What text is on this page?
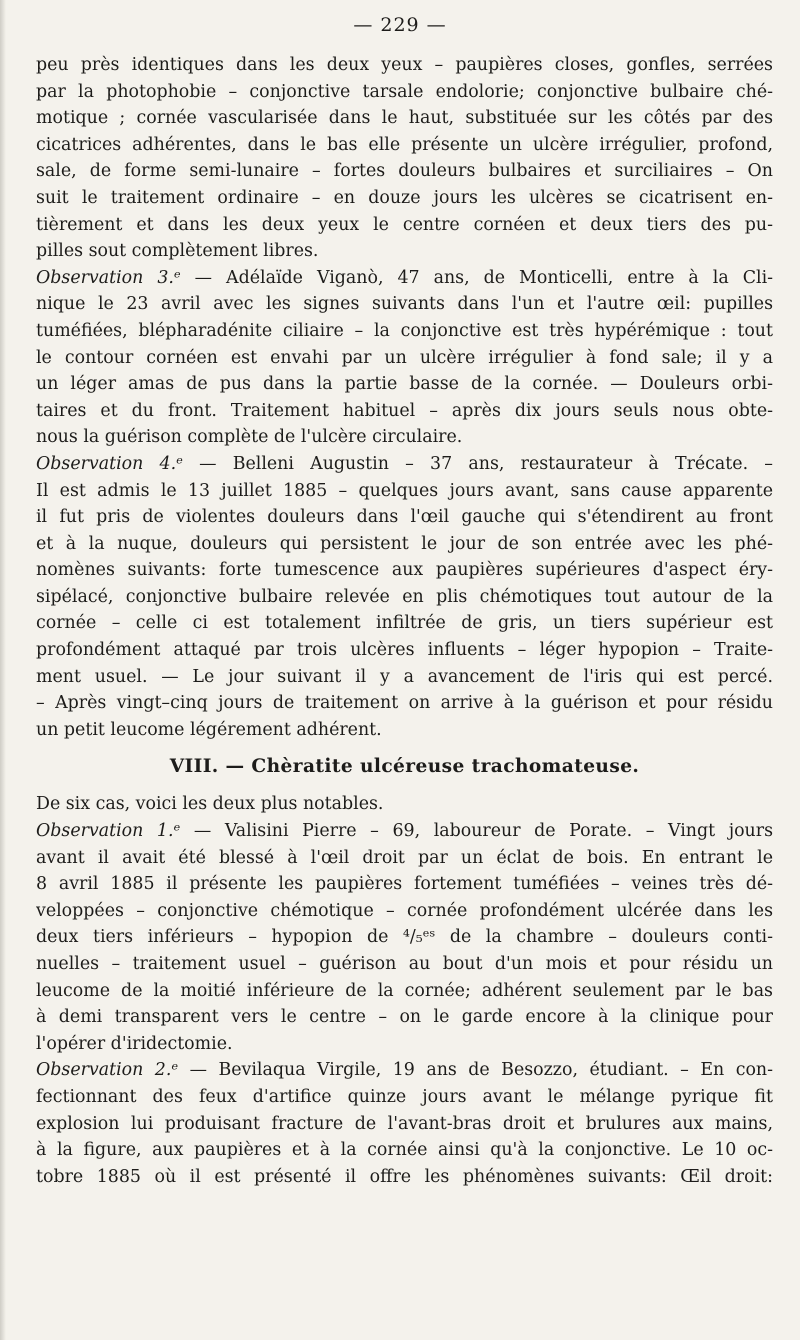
— 229 —
peu près identiques dans les deux yeux – paupières closes, gonfles, serrées
par la photophobie – conjonctive tarsale endolorie; conjonctive bulbaire ché-
motique ; cornée vascularisée dans le haut, substituée sur les côtés par des
cicatrices adhérentes, dans le bas elle présente un ulcère irrégulier, profond,
sale, de forme semi-lunaire – fortes douleurs bulbaires et surciliaires – On
suit le traitement ordinaire – en douze jours les ulcères se cicatrisent en-
tièrement et dans les deux yeux le centre cornéen et deux tiers des pu-
pilles sout complètement libres.
Observation 3.ᵉ — Adélaïde Viganò, 47 ans, de Monticelli, entre à la Cli-
nique le 23 avril avec les signes suivants dans l'un et l'autre œil: pupilles
tuméfiées, blépharadénite ciliaire – la conjonctive est très hypérémique : tout
le contour cornéen est envahi par un ulcère irrégulier à fond sale; il y a
un léger amas de pus dans la partie basse de la cornée. — Douleurs orbi-
taires et du front. Traitement habituel – après dix jours seuls nous obte-
nous la guérison complète de l'ulcère circulaire.
Observation 4.ᵉ — Belleni Augustin – 37 ans, restaurateur à Trécate. –
Il est admis le 13 juillet 1885 – quelques jours avant, sans cause apparente
il fut pris de violentes douleurs dans l'œil gauche qui s'étendirent au front
et à la nuque, douleurs qui persistent le jour de son entrée avec les phé-
nomènes suivants: forte tumescence aux paupières supérieures d'aspect éry-
sipélacé, conjonctive bulbaire relevée en plis chémotiques tout autour de la
cornée – celle ci est totalement infiltrée de gris, un tiers supérieur est
profondément attaqué par trois ulcères influents – léger hypopion – Traite-
ment usuel. — Le jour suivant il y a avancement de l'iris qui est percé.
– Après vingt–cinq jours de traitement on arrive à la guérison et pour résidu
un petit leucome légérement adhérent.
VIII. — Chèratite ulcéreuse trachomateuse.
De six cas, voici les deux plus notables.
Observation 1.ᵉ — Valisini Pierre – 69, laboureur de Porate. – Vingt jours
avant il avait été blessé à l'œil droit par un éclat de bois. En entrant le
8 avril 1885 il présente les paupières fortement tuméfiées – veines très dé-
veloppées – conjonctive chémotique – cornée profondément ulcérée dans les
deux tiers inférieurs – hypopion de ⁴/₅ᵉˢ de la chambre – douleurs conti-
nuelles – traitement usuel – guérison au bout d'un mois et pour résidu un
leucome de la moitié inférieure de la cornée; adhérent seulement par le bas
à demi transparent vers le centre – on le garde encore à la clinique pour
l'opérer d'iridectomie.
Observation 2.ᵉ — Bevilaqua Virgile, 19 ans de Besozzo, étudiant. – En con-
fectionnant des feux d'artifice quinze jours avant le mélange pyrique fit
explosion lui produisant fracture de l'avant-bras droit et brulures aux mains,
à la figure, aux paupières et à la cornée ainsi qu'à la conjonctive. Le 10 oc-
tobre 1885 où il est présenté il offre les phénomènes suivants: Œil droit:
